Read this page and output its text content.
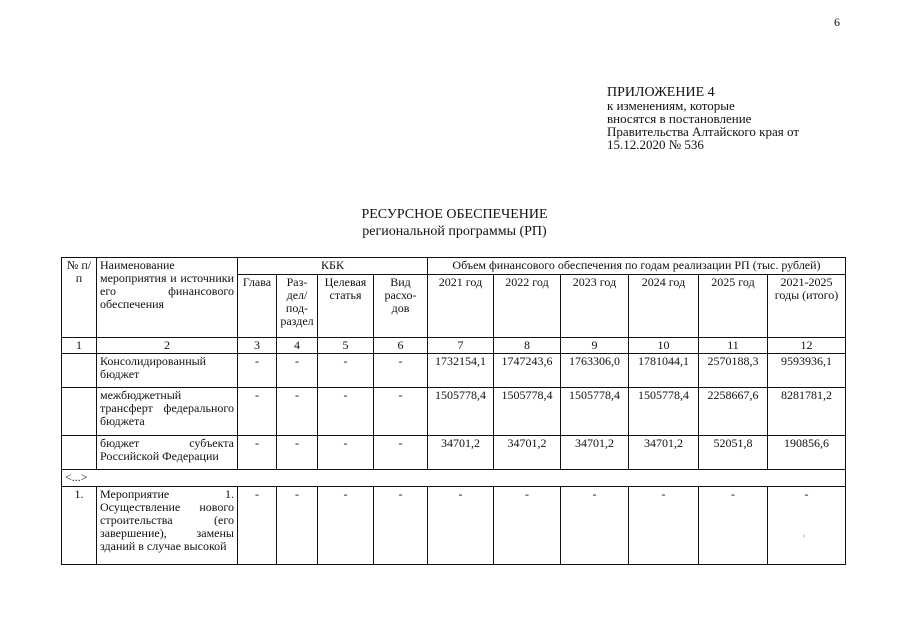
6
ПРИЛОЖЕНИЕ 4
к изменениям, которые
вносятся в постановление
Правительства Алтайского края от
15.12.2020 № 536
РЕСУРСНОЕ ОБЕСПЕЧЕНИЕ
региональной программы (РП)
№ п/п	Наименование мероприятия и источники его финансового обеспечения	КБК				Объем финансового обеспечения по годам реализации РП (тыс. рублей)					
		Глава	Раз-дел/ под-раздел	Целевая статья	Вид расхо-дов	2021 год	2022 год	2023 год	2024 год	2025 год	2021-2025 годы (итого)
1	2	3	4	5	6	7	8	9	10	11	12
	Консолидированный бюджет	-	-	-	-	1732154,1	1747243,6	1763306,0	1781044,1	2570188,3	9593936,1
	межбюджетный трансферт федерального бюджета	-	-	-	-	1505778,4	1505778,4	1505778,4	1505778,4	2258667,6	8281781,2
	бюджет субъекта Российской Федерации	-	-	-	-	34701,2	34701,2	34701,2	34701,2	52051,8	190856,6
<...>											
1.	Мероприятие 1. Осуществление нового строительства (его завершение), замены зданий в случае высокой	-	-	-	-	-	-	-	-	-	-
